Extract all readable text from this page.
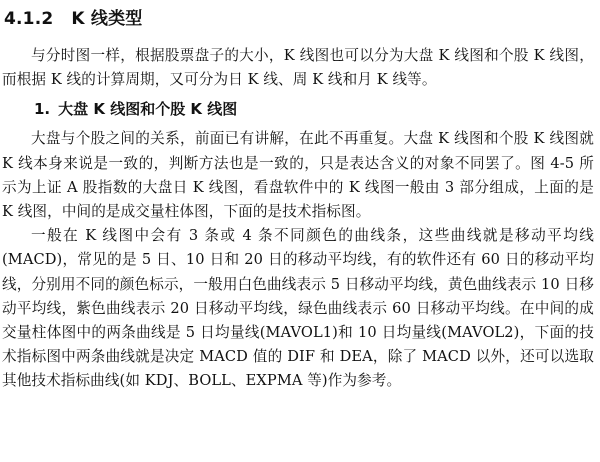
4.1.2 K 线类型

与分时图一样，根据股票盘子的大小，K 线图也可以分为大盘 K 线图和个股 K 线图，而根据 K 线的计算周期，又可分为日 K 线、周 K 线和月 K 线等。

1. 大盘 K 线图和个股 K 线图

大盘与个股之间的关系，前面已有讲解，在此不再重复。大盘 K 线图和个股 K 线图就 K 线本身来说是一致的，判断方法也是一致的，只是表达含义的对象不同罢了。图 4-5 所示为上证 A 股指数的大盘日 K 线图，看盘软件中的 K 线图一般由 3 部分组成，上面的是 K 线图，中间的是成交量柱体图，下面的是技术指标图。

一般在 K 线图中会有 3 条或 4 条不同颜色的曲线条，这些曲线就是移动平均线(MACD)，常见的是 5 日、10 日和 20 日的移动平均线，有的软件还有 60 日的移动平均线，分别用不同的颜色标示，一般用白色曲线表示 5 日移动平均线，黄色曲线表示 10 日移动平均线，紫色曲线表示 20 日移动平均线，绿色曲线表示 60 日移动平均线。在中间的成交量柱体图中的两条曲线是 5 日均量线(MAVOL1)和 10 日均量线(MAVOL2)，下面的技术指标图中两条曲线就是决定 MACD 值的 DIF 和 DEA，除了 MACD 以外，还可以选取其他技术指标曲线(如 KDJ、BOLL、EXPMA 等)作为参考。
